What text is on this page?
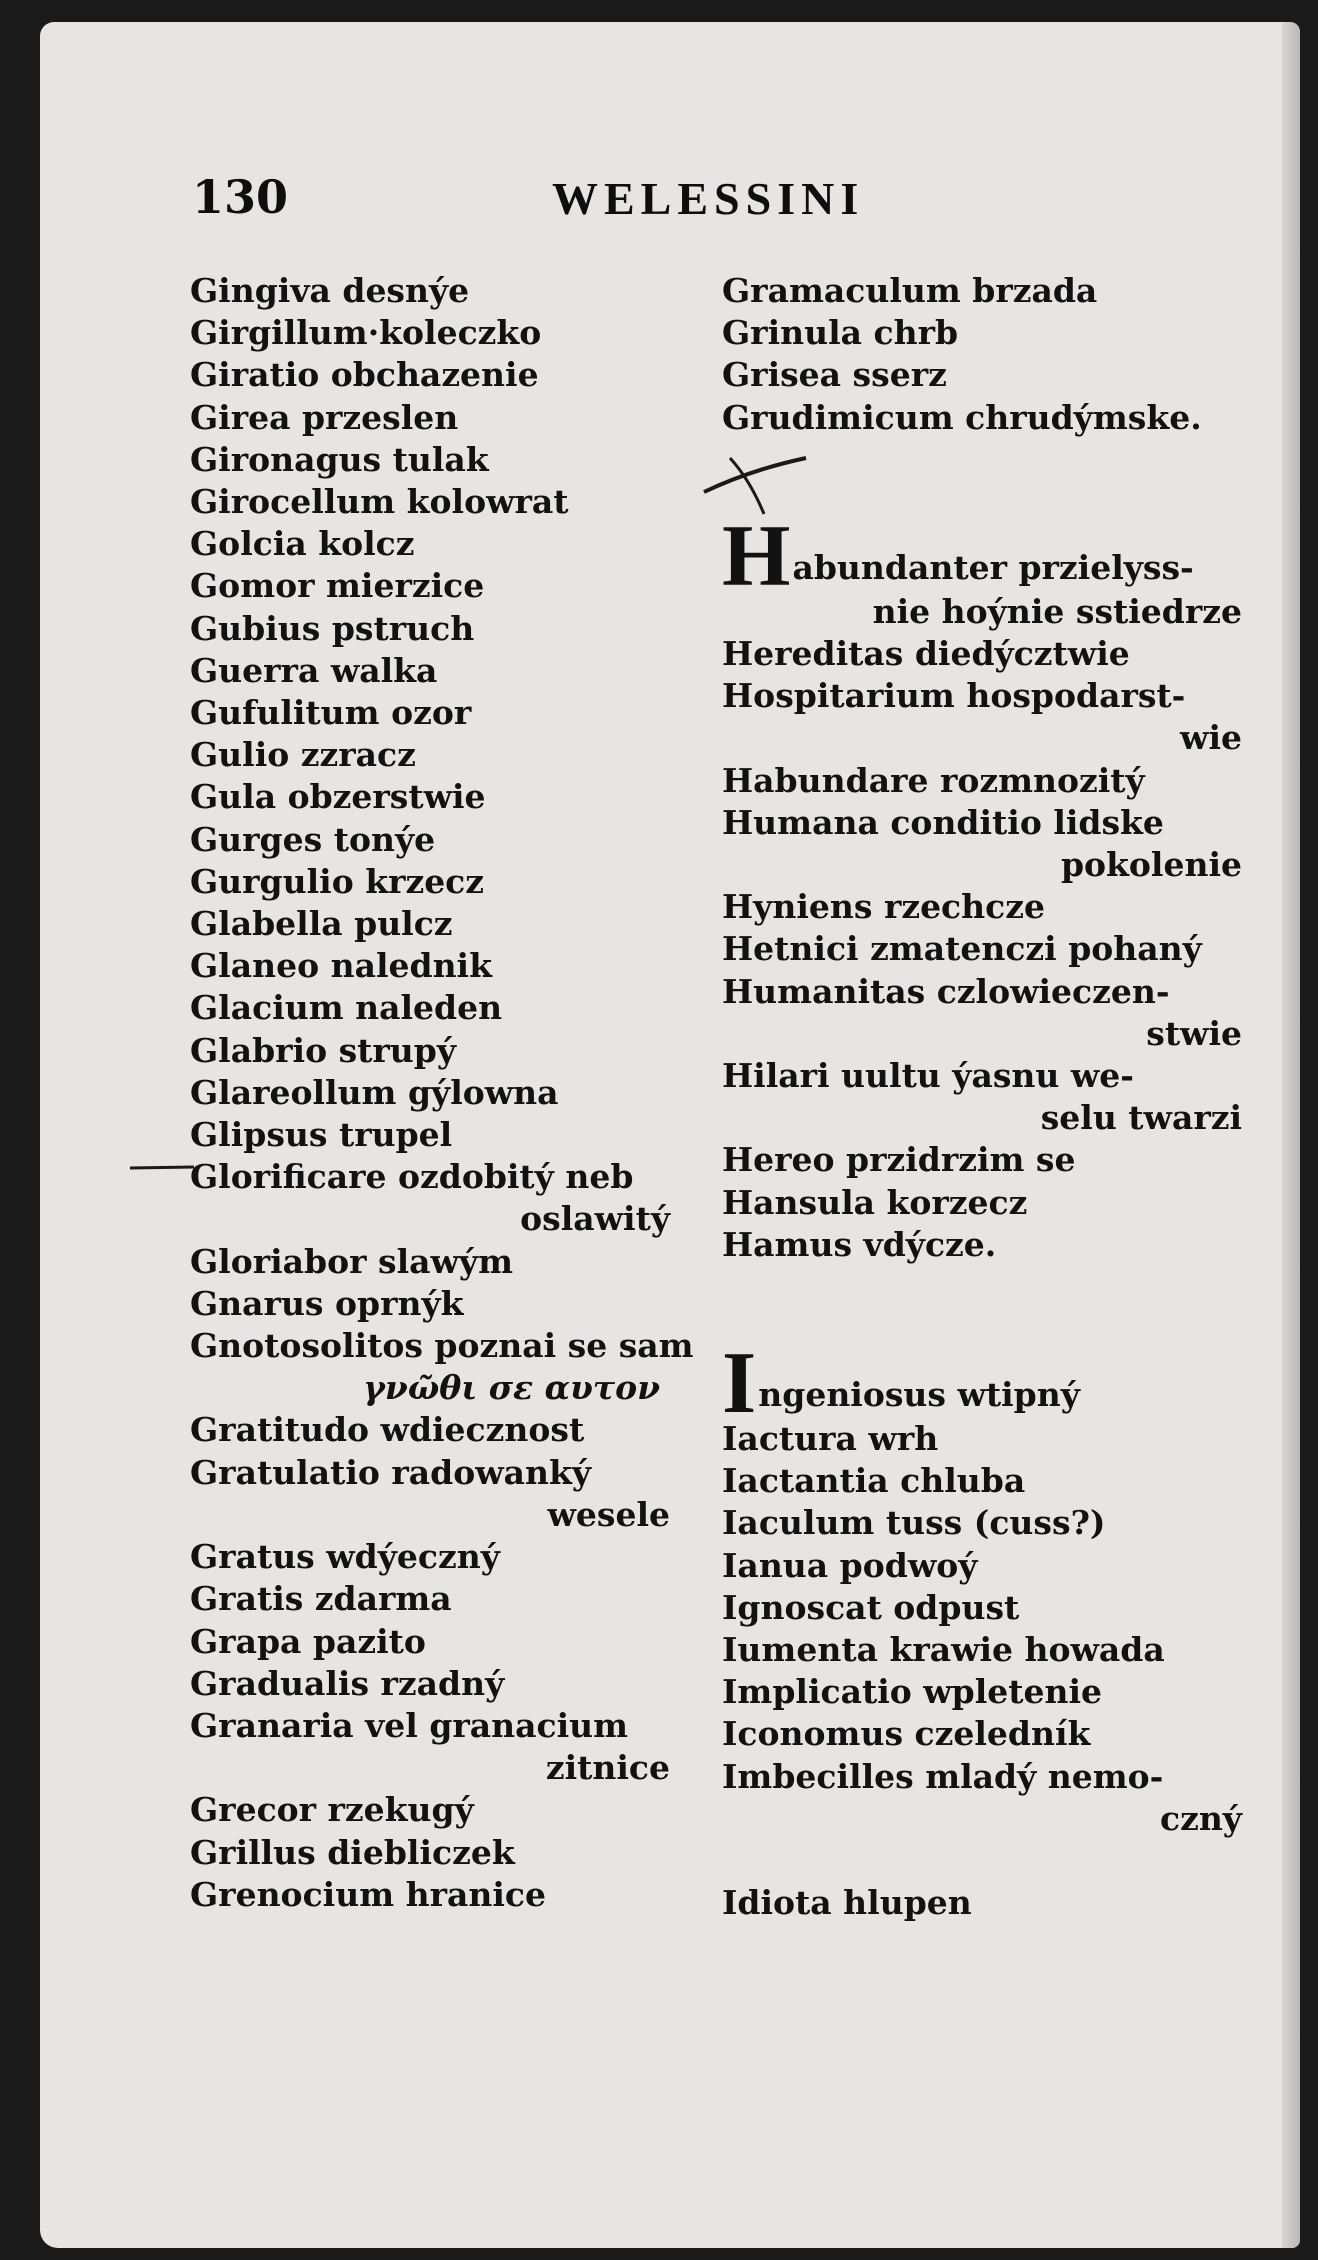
130	WELESSINI
Gingiva desnýe
Girgillum·koleczko
Giratio obchazenie
Girea przeslen
Gironagus tulak
Girocellum kolowrat
Golcia kolcz
Gomor mierzice
Gubius pstruch
Guerra walka
Gufulitum ozor
Gulio zzracz
Gula obzerstwie
Gurges tonýe
Gurgulio krzecz
Glabella pulcz
Glaneo nalednik
Glacium naleden
Glabrio strupý
Glareollum gýlowna
Glipsus trupel
Glorificare ozdobitý neb
oslawitý
Gloriabor slawým
Gnarus oprnýk
Gnotosolitos poznai se sam
γνῶθι σε αυτον
Gratitudo wdiecznost
Gratulatio radowanký
wesele
Gratus wdýeczný
Gratis zdarma
Grapa pazito
Gradualis rzadný
Granaria vel granacium
zitnice
Grecor rzekugý
Grillus diebliczek
Grenocium hranice
Gramaculum brzada
Grinula chrb
Grisea sserz
Grudimicum chrudýmske.
Habundanter przielyss-
nie hoýnie sstiedrze
Hereditas diedýcztwie
Hospitarium hospodarst-
wie
Habundare rozmnozitý
Humana conditio lidske
pokolenie
Hyniens rzechcze
Hetnici zmatenczi pohaný
Humanitas czlowieczen-
stwie
Hilari uultu ýasnu we-
selu twarzi
Hereo przidrzim se
Hansula korzecz
Hamus vdýcze.
Ingeniosus wtipný
Iactura wrh
Iactantia chluba
Iaculum tuss (cuss?)
Ianua podwoý
Ignoscat odpust
Iumenta krawie howada
Implicatio wpletenie
Iconomus czeledník
Imbecilles mladý nemo-
czný
Idiota hlupen
